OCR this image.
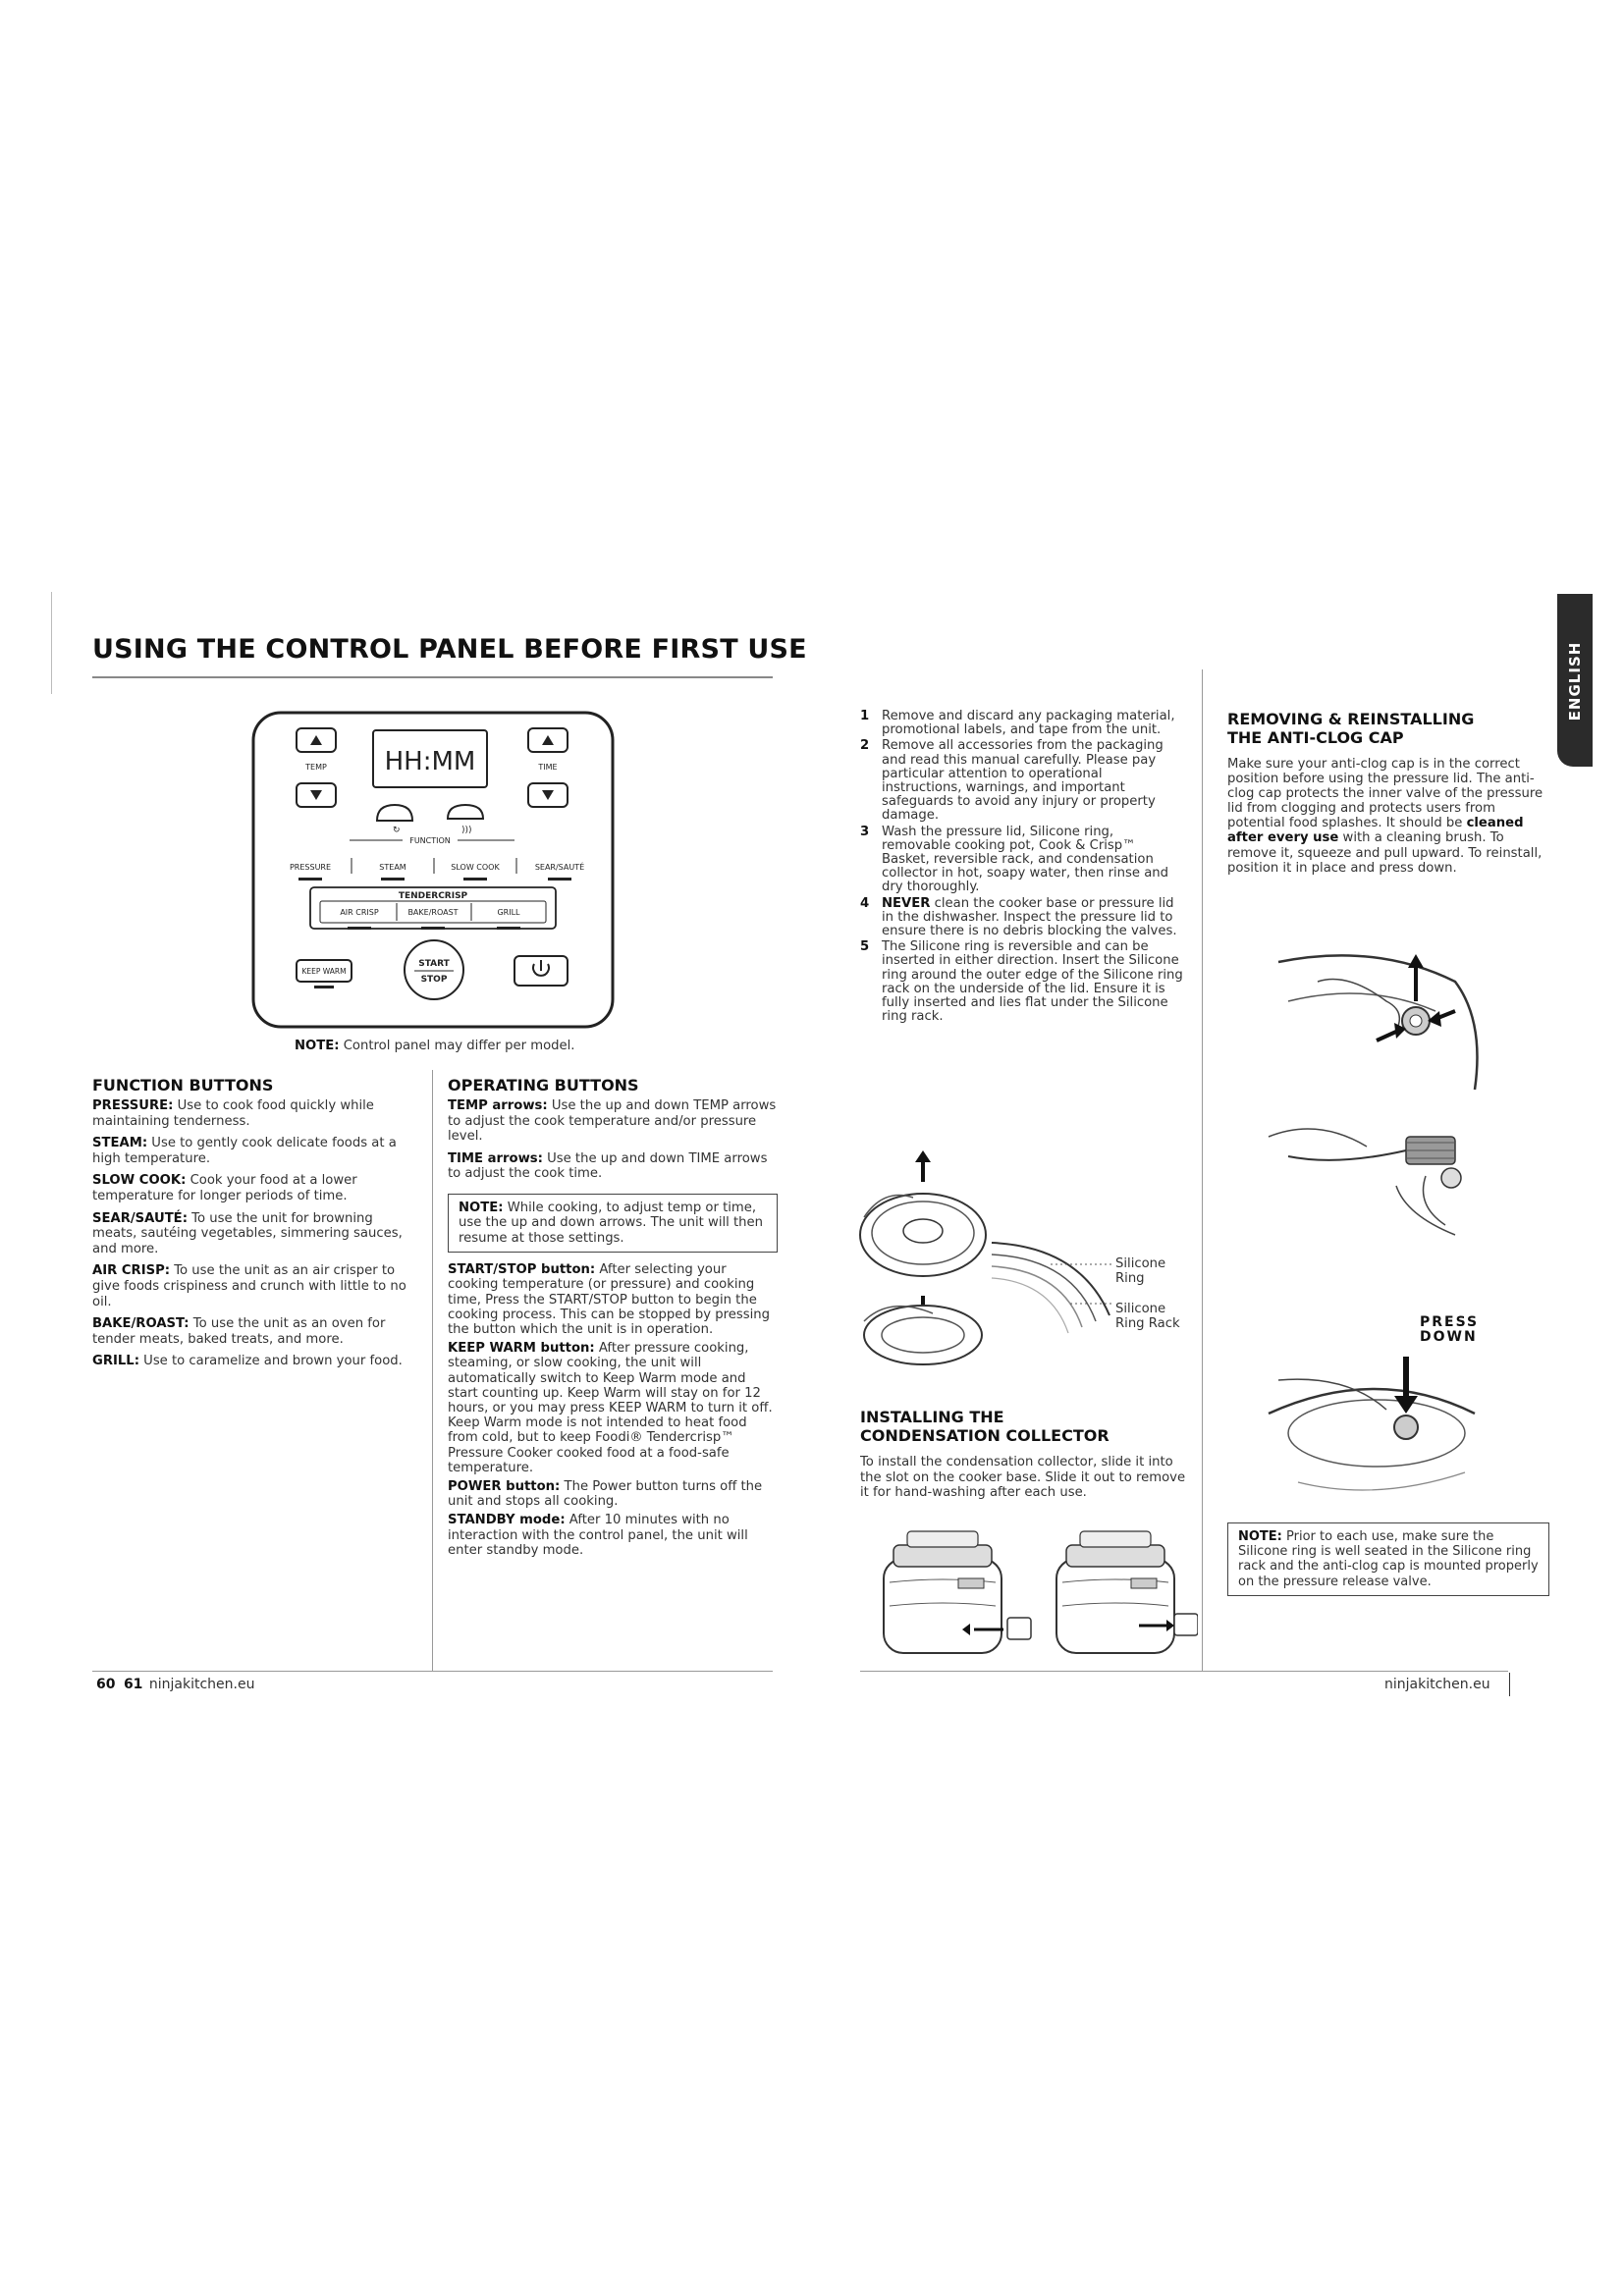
USING THE CONTROL PANEL BEFORE FIRST USE	ENGLISH
TEMP HH:MM	TIME
↻	)))
FUNCTION
PRESSURE	STEAM	SLOW COOK	SEAR/SAUTÉ
TENDERCRISP
AIR CRISP	BAKE/ROAST	GRILL
KEEP WARM
START
STOP
NOTE: Control panel may differ per model.
FUNCTION BUTTONS

PRESSURE: Use to cook food quickly while maintaining tenderness.

STEAM: Use to gently cook delicate foods at a high temperature.

SLOW COOK: Cook your food at a lower temperature for longer periods of time.

SEAR/SAUTÉ: To use the unit for browning meats, sautéing vegetables, simmering sauces, and more.

AIR CRISP: To use the unit as an air crisper to give foods crispiness and crunch with little to no oil.

BAKE/ROAST: To use the unit as an oven for tender meats, baked treats, and more.

GRILL: Use to caramelize and brown your food.

OPERATING BUTTONS

TEMP arrows: Use the up and down TEMP arrows to adjust the cook temperature and/or pressure level.

TIME arrows: Use the up and down TIME arrows to adjust the cook time.

NOTE: While cooking, to adjust temp or time, use the up and down arrows. The unit will then resume at those settings.

START/STOP button: After selecting your cooking temperature (or pressure) and cooking time, Press the START/STOP button to begin the cooking process. This can be stopped by pressing the button which the unit is in operation.

KEEP WARM button: After pressure cooking, steaming, or slow cooking, the unit will automatically switch to Keep Warm mode and start counting up. Keep Warm will stay on for 12 hours, or you may press KEEP WARM to turn it off. Keep Warm mode is not intended to heat food from cold, but to keep Foodi® Tendercrisp™ Pressure Cooker cooked food at a food-safe temperature.

POWER button: The Power button turns off the unit and stops all cooking.

STANDBY mode: After 10 minutes with no interaction with the control panel, the unit will enter standby mode.

60 61 ninjakitchen.eu
1 Remove and discard any packaging material, promotional labels, and tape from the unit.
2 Remove all accessories from the packaging and read this manual carefully. Please pay particular attention to operational instructions, warnings, and important safeguards to avoid any injury or property damage.
3 Wash the pressure lid, Silicone ring, removable cooking pot, Cook & Crisp™ Basket, reversible rack, and condensation collector in hot, soapy water, then rinse and dry thoroughly.
4 NEVER clean the cooker base or pressure lid in the dishwasher. Inspect the pressure lid to ensure there is no debris blocking the valves.
5 The Silicone ring is reversible and can be inserted in either direction. Insert the Silicone ring around the outer edge of the Silicone ring rack on the underside of the lid. Ensure it is fully inserted and lies flat under the Silicone ring rack.
Silicone Ring
Silicone Ring Rack
INSTALLING THE CONDENSATION COLLECTOR
To install the condensation collector, slide it into the slot on the cooker base. Slide it out to remove it for hand-washing after each use.
REMOVING & REINSTALLING THE ANTI-CLOG CAP
Make sure your anti-clog cap is in the correct position before using the pressure lid. The anti-clog cap protects the inner valve of the pressure lid from clogging and protects users from potential food splashes. It should be cleaned after every use with a cleaning brush. To remove it, squeeze and pull upward. To reinstall, position it in place and press down.
PRESS DOWN
NOTE: Prior to each use, make sure the Silicone ring is well seated in the Silicone ring rack and the anti-clog cap is mounted properly on the pressure release valve.
ninjakitchen.eu
